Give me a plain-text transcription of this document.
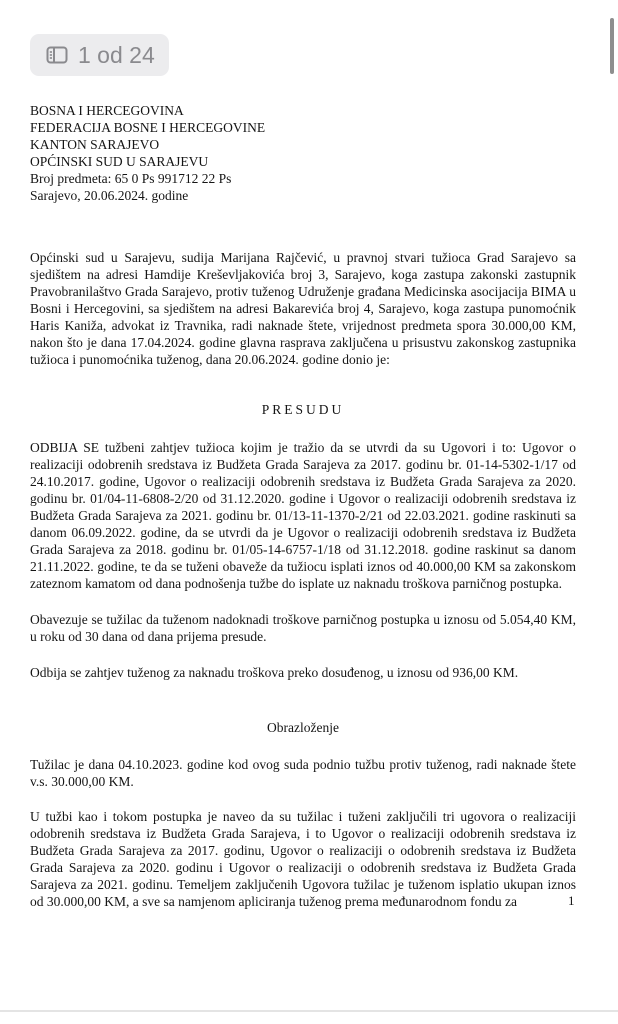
1 od 24

BOSNA I HERCEGOVINA

FEDERACIJA BOSNE I HERCEGOVINE

KANTON SARAJEVO

OPĆINSKI SUD U SARAJEVU

Broj predmeta: 65 0 Ps 991712 22 Ps

Sarajevo, 20.06.2024. godine

Općinski sud u Sarajevu, sudija Marijana Rajčević, u pravnoj stvari tužioca Grad Sarajevo sa sjedištem na adresi Hamdije Kreševljakovića broj 3, Sarajevo, koga zastupa zakonski zastupnik Pravobranilaštvo Grada Sarajevo, protiv tuženog Udruženje građana Medicinska asocijacija BIMA u Bosni i Hercegovini, sa sjedištem na adresi Bakarevića broj 4, Sarajevo, koga zastupa punomoćnik Haris Kaniža, advokat iz Travnika, radi naknade štete, vrijednost predmeta spora 30.000,00 KM, nakon što je dana 17.04.2024. godine glavna rasprava zaključena u prisustvu zakonskog zastupnika tužioca i punomoćnika tuženog, dana 20.06.2024. godine donio je:

PRESUDU

ODBIJA SE tužbeni zahtjev tužioca kojim je tražio da se utvrdi da su Ugovori i to: Ugovor o realizaciji odobrenih sredstava iz Budžeta Grada Sarajeva za 2017. godinu br. 01-14-5302-1/17 od 24.10.2017. godine, Ugovor o realizaciji odobrenih sredstava iz Budžeta Grada Sarajeva za 2020. godinu br. 01/04-11-6808-2/20 od 31.12.2020. godine i Ugovor o realizaciji odobrenih sredstava iz Budžeta Grada Sarajeva za 2021. godinu br. 01/13-11-1370-2/21 od 22.03.2021. godine raskinuti sa danom 06.09.2022. godine, da se utvrdi da je Ugovor o realizaciji odobrenih sredstava iz Budžeta Grada Sarajeva za 2018. godinu br. 01/05-14-6757-1/18 od 31.12.2018. godine raskinut sa danom 21.11.2022. godine, te da se tuženi obaveže da tužiocu isplati iznos od 40.000,00 KM sa zakonskom zateznom kamatom od dana podnošenja tužbe do isplate uz naknadu troškova parničnog postupka.

Obavezuje se tužilac da tuženom nadoknadi troškove parničnog postupka u iznosu od 5.054,40 KM, u roku od 30 dana od dana prijema presude.

Odbija se zahtjev tuženog za naknadu troškova preko dosuđenog, u iznosu od 936,00 KM.

Obrazloženje

Tužilac je dana 04.10.2023. godine kod ovog suda podnio tužbu protiv tuženog, radi naknade štete v.s. 30.000,00 KM.

U tužbi kao i tokom postupka je naveo da su tužilac i tuženi zaključili tri ugovora o realizaciji odobrenih sredstava iz Budžeta Grada Sarajeva, i to Ugovor o realizaciji odobrenih sredstava iz Budžeta Grada Sarajeva za 2017. godinu, Ugovor o realizaciji o odobrenih sredstava iz Budžeta Grada Sarajeva za 2020. godinu i Ugovor o realizaciji o odobrenih sredstava iz Budžeta Grada Sarajeva za 2021. godinu. Temeljem zaključenih Ugovora tužilac je tuženom isplatio ukupan iznos od 30.000,00 KM, a sve sa namjenom apliciranja tuženog prema međunarodnom fondu za	1
